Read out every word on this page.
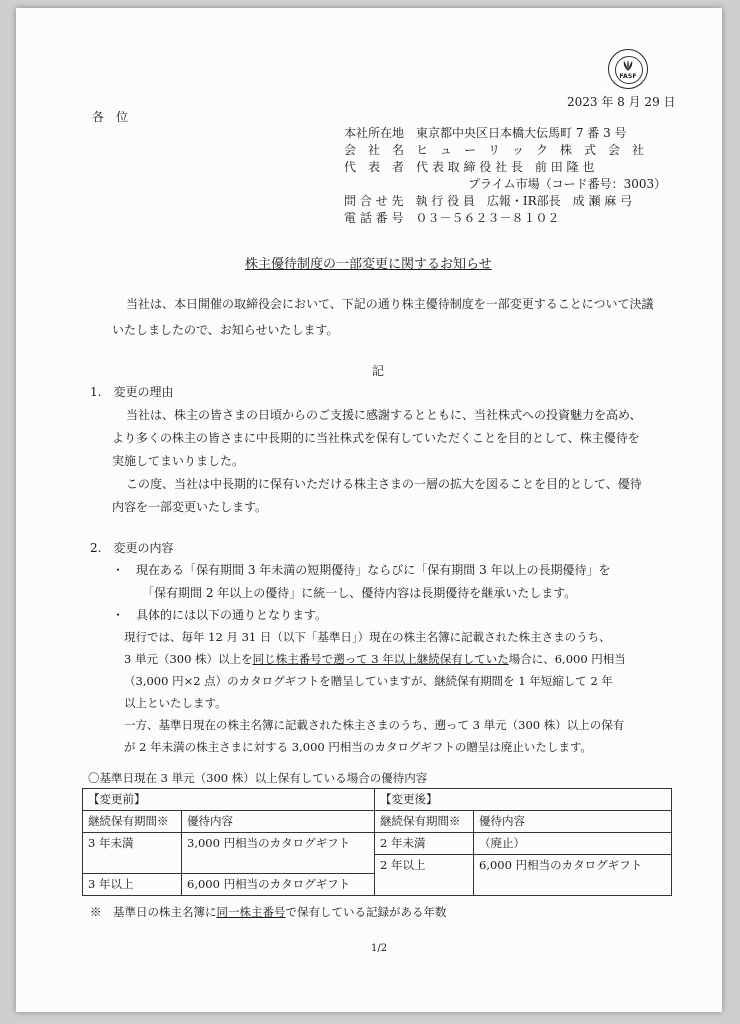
FASF
2023 年 8 月 29 日
各　位
本社所在地　東京都中央区日本橋大伝馬町 7 番 3 号
会　社　名　ヒ　ュ　ー　リ　ッ　ク　株　式　会　社
代　表　者　代 表 取 締 役 社 長　前 田 隆 也
プライム市場（コード番号：3003）
問 合 せ 先　執 行 役 員　広報・IR部長　成 瀬 麻 弓
電 話 番 号　０３－５６２３－８１０２
株主優待制度の一部変更に関するお知らせ
当社は、本日開催の取締役会において、下記の通り株主優待制度を一部変更することについて決議
いたしましたので、お知らせいたします。
記
1.　変更の理由
当社は、株主の皆さまの日頃からのご支援に感謝するとともに、当社株式への投資魅力を高め、
より多くの株主の皆さまに中長期的に当社株式を保有していただくことを目的として、株主優待を
実施してまいりました。
この度、当社は中長期的に保有いただける株主さまの一層の拡大を図ることを目的として、優待
内容を一部変更いたします。
2.　変更の内容
・　現在ある「保有期間 3 年未満の短期優待」ならびに「保有期間 3 年以上の長期優待」を
「保有期間 2 年以上の優待」に統一し、優待内容は長期優待を継承いたします。
・　具体的には以下の通りとなります。
現行では、毎年 12 月 31 日（以下「基準日」）現在の株主名簿に記載された株主さまのうち、
3 単元（300 株）以上を同じ株主番号で遡って 3 年以上継続保有していた場合に、6,000 円相当
（3,000 円×2 点）のカタログギフトを贈呈していますが、継続保有期間を 1 年短縮して 2 年
以上といたします。
一方、基準日現在の株主名簿に記載された株主さまのうち、遡って 3 単元（300 株）以上の保有
が 2 年未満の株主さまに対する 3,000 円相当のカタログギフトの贈呈は廃止いたします。
〇基準日現在 3 単元（300 株）以上保有している場合の優待内容
【変更前】		【変更後】	
継続保有期間※	優待内容	継続保有期間※	優待内容
3 年未満	3,000 円相当のカタログギフト	2 年未満	（廃止）
		2 年以上	6,000 円相当のカタログギフト
3 年以上	6,000 円相当のカタログギフト		
※　基準日の株主名簿に同一株主番号で保有している記録がある年数
1/2
